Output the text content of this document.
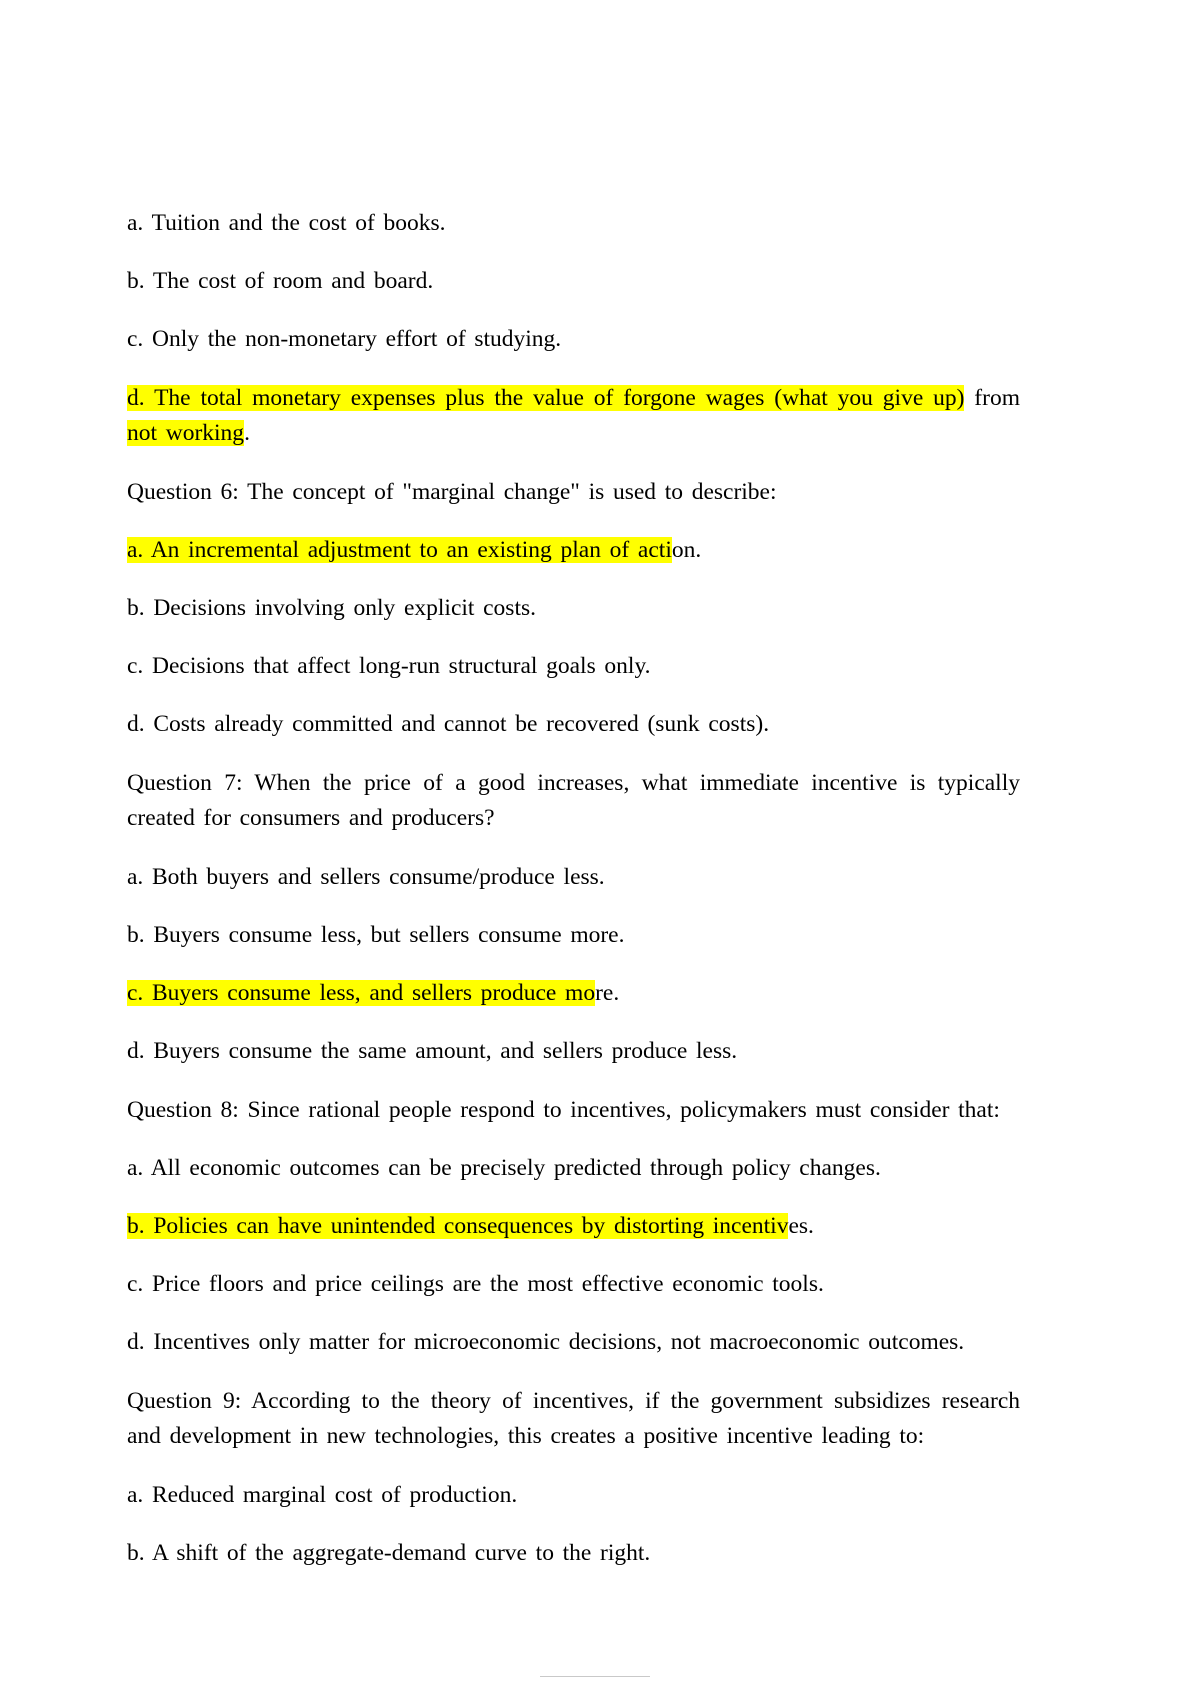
a. Tuition and the cost of books.

b. The cost of room and board.

c. Only the non-monetary effort of studying.

d. The total monetary expenses plus the value of forgone wages (what you give up) from not working.

Question 6: The concept of "marginal change" is used to describe:

a. An incremental adjustment to an existing plan of action.

b. Decisions involving only explicit costs.

c. Decisions that affect long-run structural goals only.

d. Costs already committed and cannot be recovered (sunk costs).

Question 7: When the price of a good increases, what immediate incentive is typically created for consumers and producers?

a. Both buyers and sellers consume/produce less.

b. Buyers consume less, but sellers consume more.

c. Buyers consume less, and sellers produce more.

d. Buyers consume the same amount, and sellers produce less.

Question 8: Since rational people respond to incentives, policymakers must consider that:

a. All economic outcomes can be precisely predicted through policy changes.

b. Policies can have unintended consequences by distorting incentives.

c. Price floors and price ceilings are the most effective economic tools.

d. Incentives only matter for microeconomic decisions, not macroeconomic outcomes.

Question 9: According to the theory of incentives, if the government subsidizes research and development in new technologies, this creates a positive incentive leading to:

a. Reduced marginal cost of production.

b. A shift of the aggregate-demand curve to the right.
